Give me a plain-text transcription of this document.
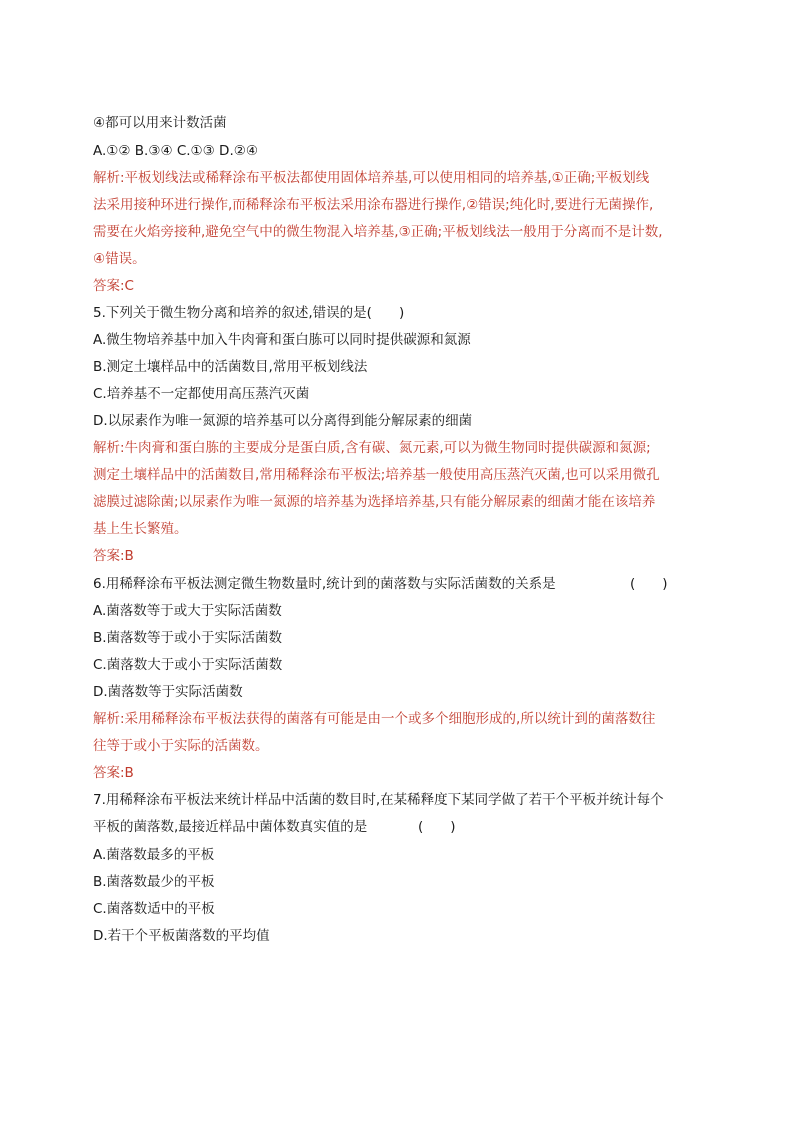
④都可以用来计数活菌
A.①② B.③④ C.①③ D.②④
解析:平板划线法或稀释涂布平板法都使用固体培养基,可以使用相同的培养基,①正确;平板划线
法采用接种环进行操作,而稀释涂布平板法采用涂布器进行操作,②错误;纯化时,要进行无菌操作,
需要在火焰旁接种,避免空气中的微生物混入培养基,③正确;平板划线法一般用于分离而不是计数,
④错误。
答案:C
5.下列关于微生物分离和培养的叙述,错误的是(　　)
A.微生物培养基中加入牛肉膏和蛋白胨可以同时提供碳源和氮源
B.测定土壤样品中的活菌数目,常用平板划线法
C.培养基不一定都使用高压蒸汽灭菌
D.以尿素作为唯一氮源的培养基可以分离得到能分解尿素的细菌
解析:牛肉膏和蛋白胨的主要成分是蛋白质,含有碳、氮元素,可以为微生物同时提供碳源和氮源;
测定土壤样品中的活菌数目,常用稀释涂布平板法;培养基一般使用高压蒸汽灭菌,也可以采用微孔
滤膜过滤除菌;以尿素作为唯一氮源的培养基为选择培养基,只有能分解尿素的细菌才能在该培养
基上生长繁殖。
答案:B
6.用稀释涂布平板法测定微生物数量时,统计到的菌落数与实际活菌数的关系是	(　　)
A.菌落数等于或大于实际活菌数
B.菌落数等于或小于实际活菌数
C.菌落数大于或小于实际活菌数
D.菌落数等于实际活菌数
解析:采用稀释涂布平板法获得的菌落有可能是由一个或多个细胞形成的,所以统计到的菌落数往
往等于或小于实际的活菌数。
答案:B
7.用稀释涂布平板法来统计样品中活菌的数目时,在某稀释度下某同学做了若干个平板并统计每个
平板的菌落数,最接近样品中菌体数真实值的是	(　　)
A.菌落数最多的平板
B.菌落数最少的平板
C.菌落数适中的平板
D.若干个平板菌落数的平均值
